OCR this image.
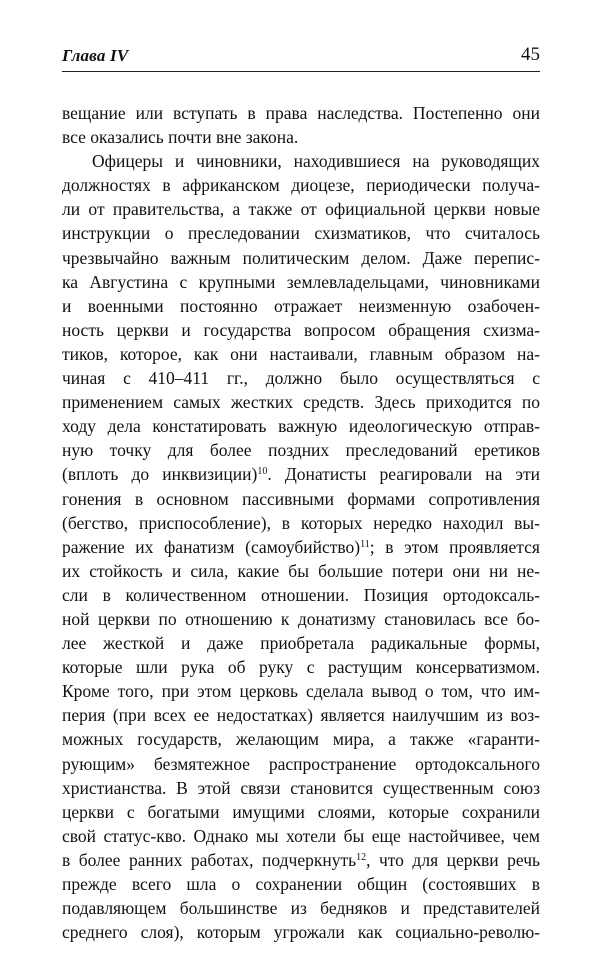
Глава IV	45
вещание или вступать в права наследства. Постепенно они
все оказались почти вне закона.
Офицеры и чиновники, находившиеся на руководящих
должностях в африканском диоцезе, периодически получа-
ли от правительства, а также от официальной церкви новые
инструкции о преследовании схизматиков, что считалось
чрезвычайно важным политическим делом. Даже перепис-
ка Августина с крупными землевладельцами, чиновниками
и военными постоянно отражает неизменную озабочен-
ность церкви и государства вопросом обращения схизма-
тиков, которое, как они настаивали, главным образом на-
чиная с 410–411 гг., должно было осуществляться с
применением самых жестких средств. Здесь приходится по
ходу дела констатировать важную идеологическую отправ-
ную точку для более поздних преследований еретиков
(вплоть до инквизиции)$^{10}$. Донатисты реагировали на эти
гонения в основном пассивными формами сопротивления
(бегство, приспособление), в которых нередко находил вы-
ражение их фанатизм (самоубийство)$^{11}$; в этом проявляется
их стойкость и сила, какие бы большие потери они ни не-
сли в количественном отношении. Позиция ортодоксаль-
ной церкви по отношению к донатизму становилась все бо-
лее жесткой и даже приобретала радикальные формы,
которые шли рука об руку с растущим консерватизмом.
Кроме того, при этом церковь сделала вывод о том, что им-
перия (при всех ее недостатках) является наилучшим из воз-
можных государств, желающим мира, а также «гаранти-
рующим» безмятежное распространение ортодоксального
христианства. В этой связи становится существенным союз
церкви с богатыми имущими слоями, которые сохранили
свой статус-кво. Однако мы хотели бы еще настойчивее, чем
в более ранних работах, подчеркнуть$^{12}$, что для церкви речь
прежде всего шла о сохранении общин (состоявших в
подавляющем большинстве из бедняков и представителей
среднего слоя), которым угрожали как социально-револю-
